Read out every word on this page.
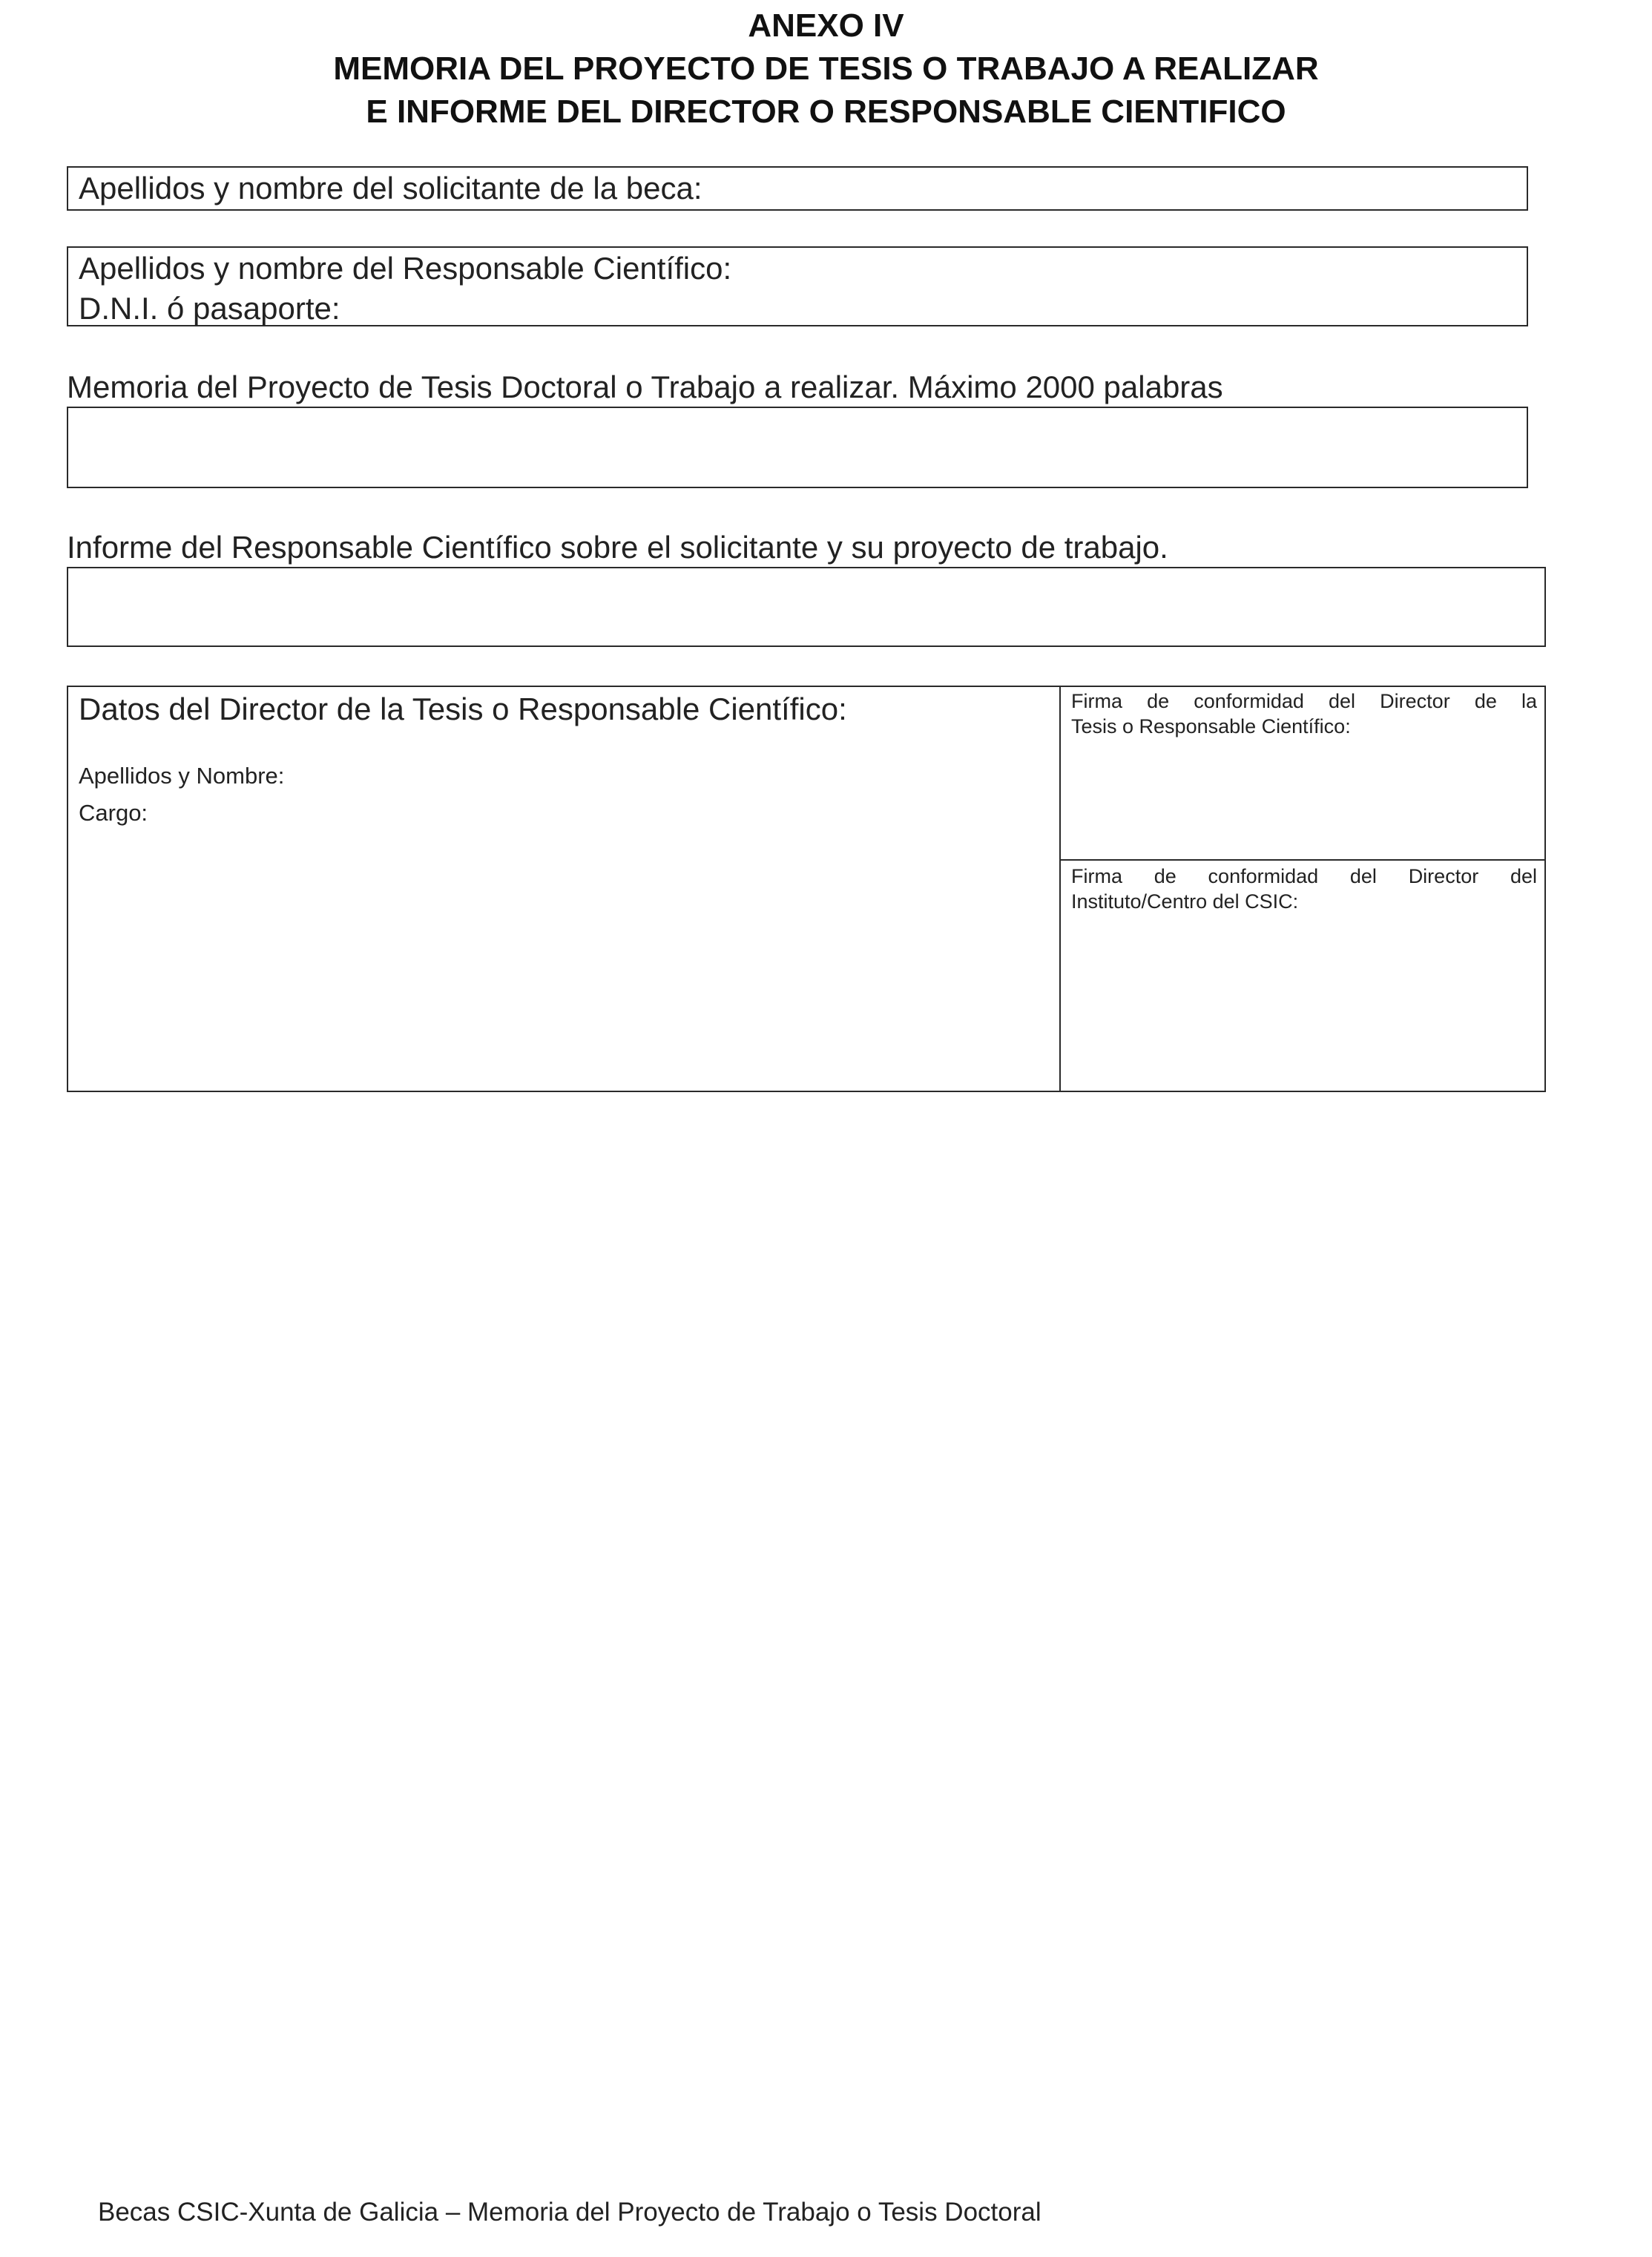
ANEXO IV
MEMORIA DEL PROYECTO DE TESIS O TRABAJO A REALIZAR
E INFORME DEL DIRECTOR O RESPONSABLE CIENTIFICO
Apellidos y nombre del solicitante de la beca:
Apellidos y nombre del Responsable Científico:
D.N.I. ó pasaporte:
Memoria del Proyecto de Tesis Doctoral o Trabajo a realizar. Máximo 2000 palabras
Informe del Responsable Científico sobre el solicitante y su proyecto de trabajo.
Datos del Director de la Tesis o Responsable Científico:
Apellidos y Nombre:
Cargo:
Firma de conformidad del Director de la
Tesis o Responsable Científico:
Firma de conformidad del Director del
Instituto/Centro del CSIC:
Becas CSIC-Xunta de Galicia – Memoria del Proyecto de Trabajo o Tesis Doctoral
